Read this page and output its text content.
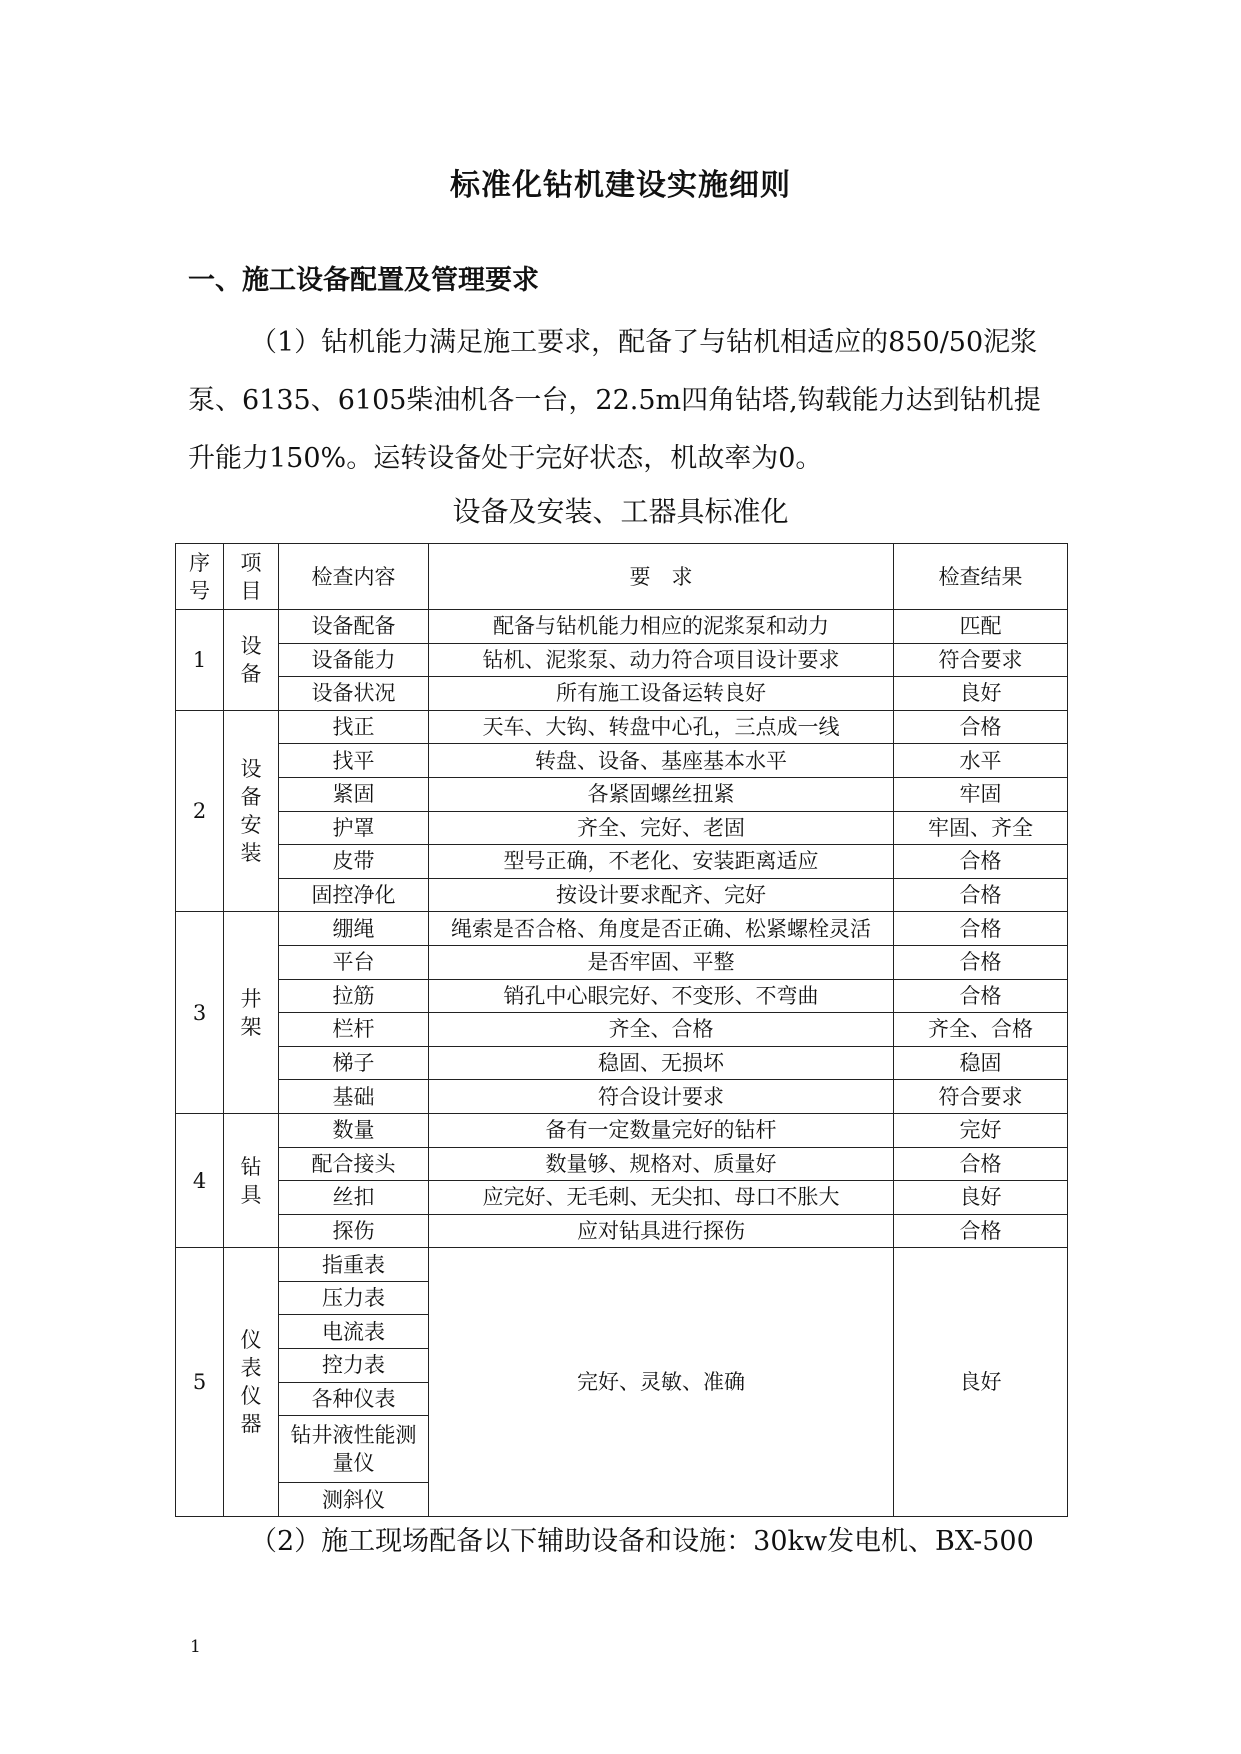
标准化钻机建设实施细则
一、施工设备配置及管理要求
（1）钻机能力满足施工要求，配备了与钻机相适应的850/50泥浆泵、6135、6105柴油机各一台，22.5m四角钻塔,钩载能力达到钻机提升能力150%。运转设备处于完好状态，机故率为0。
设备及安装、工器具标准化
序号	项目	检查内容	要　求	检查结果
1	设备	设备配备	配备与钻机能力相应的泥浆泵和动力	匹配
		设备能力	钻机、泥浆泵、动力符合项目设计要求	符合要求
		设备状况	所有施工设备运转良好	良好
2	设备安装	找正	天车、大钩、转盘中心孔，三点成一线	合格
		找平	转盘、设备、基座基本水平	水平
		紧固	各紧固螺丝扭紧	牢固
		护罩	齐全、完好、老固	牢固、齐全
		皮带	型号正确，不老化、安装距离适应	合格
		固控净化	按设计要求配齐、完好	合格
3	井架	绷绳	绳索是否合格、角度是否正确、松紧螺栓灵活	合格
		平台	是否牢固、平整	合格
		拉筋	销孔中心眼完好、不变形、不弯曲	合格
		栏杆	齐全、合格	齐全、合格
		梯子	稳固、无损坏	稳固
		基础	符合设计要求	符合要求
4	钻具	数量	备有一定数量完好的钻杆	完好
		配合接头	数量够、规格对、质量好	合格
		丝扣	应完好、无毛刺、无尖扣、母口不胀大	良好
		探伤	应对钻具进行探伤	合格
5	仪表仪器	指重表	完好、灵敏、准确	良好
		压力表		
		电流表		
		控力表		
		各种仪表		
		钻井液性能测量仪		

		测斜仪		
（2）施工现场配备以下辅助设备和设施：30kw发电机、BX-500
1
